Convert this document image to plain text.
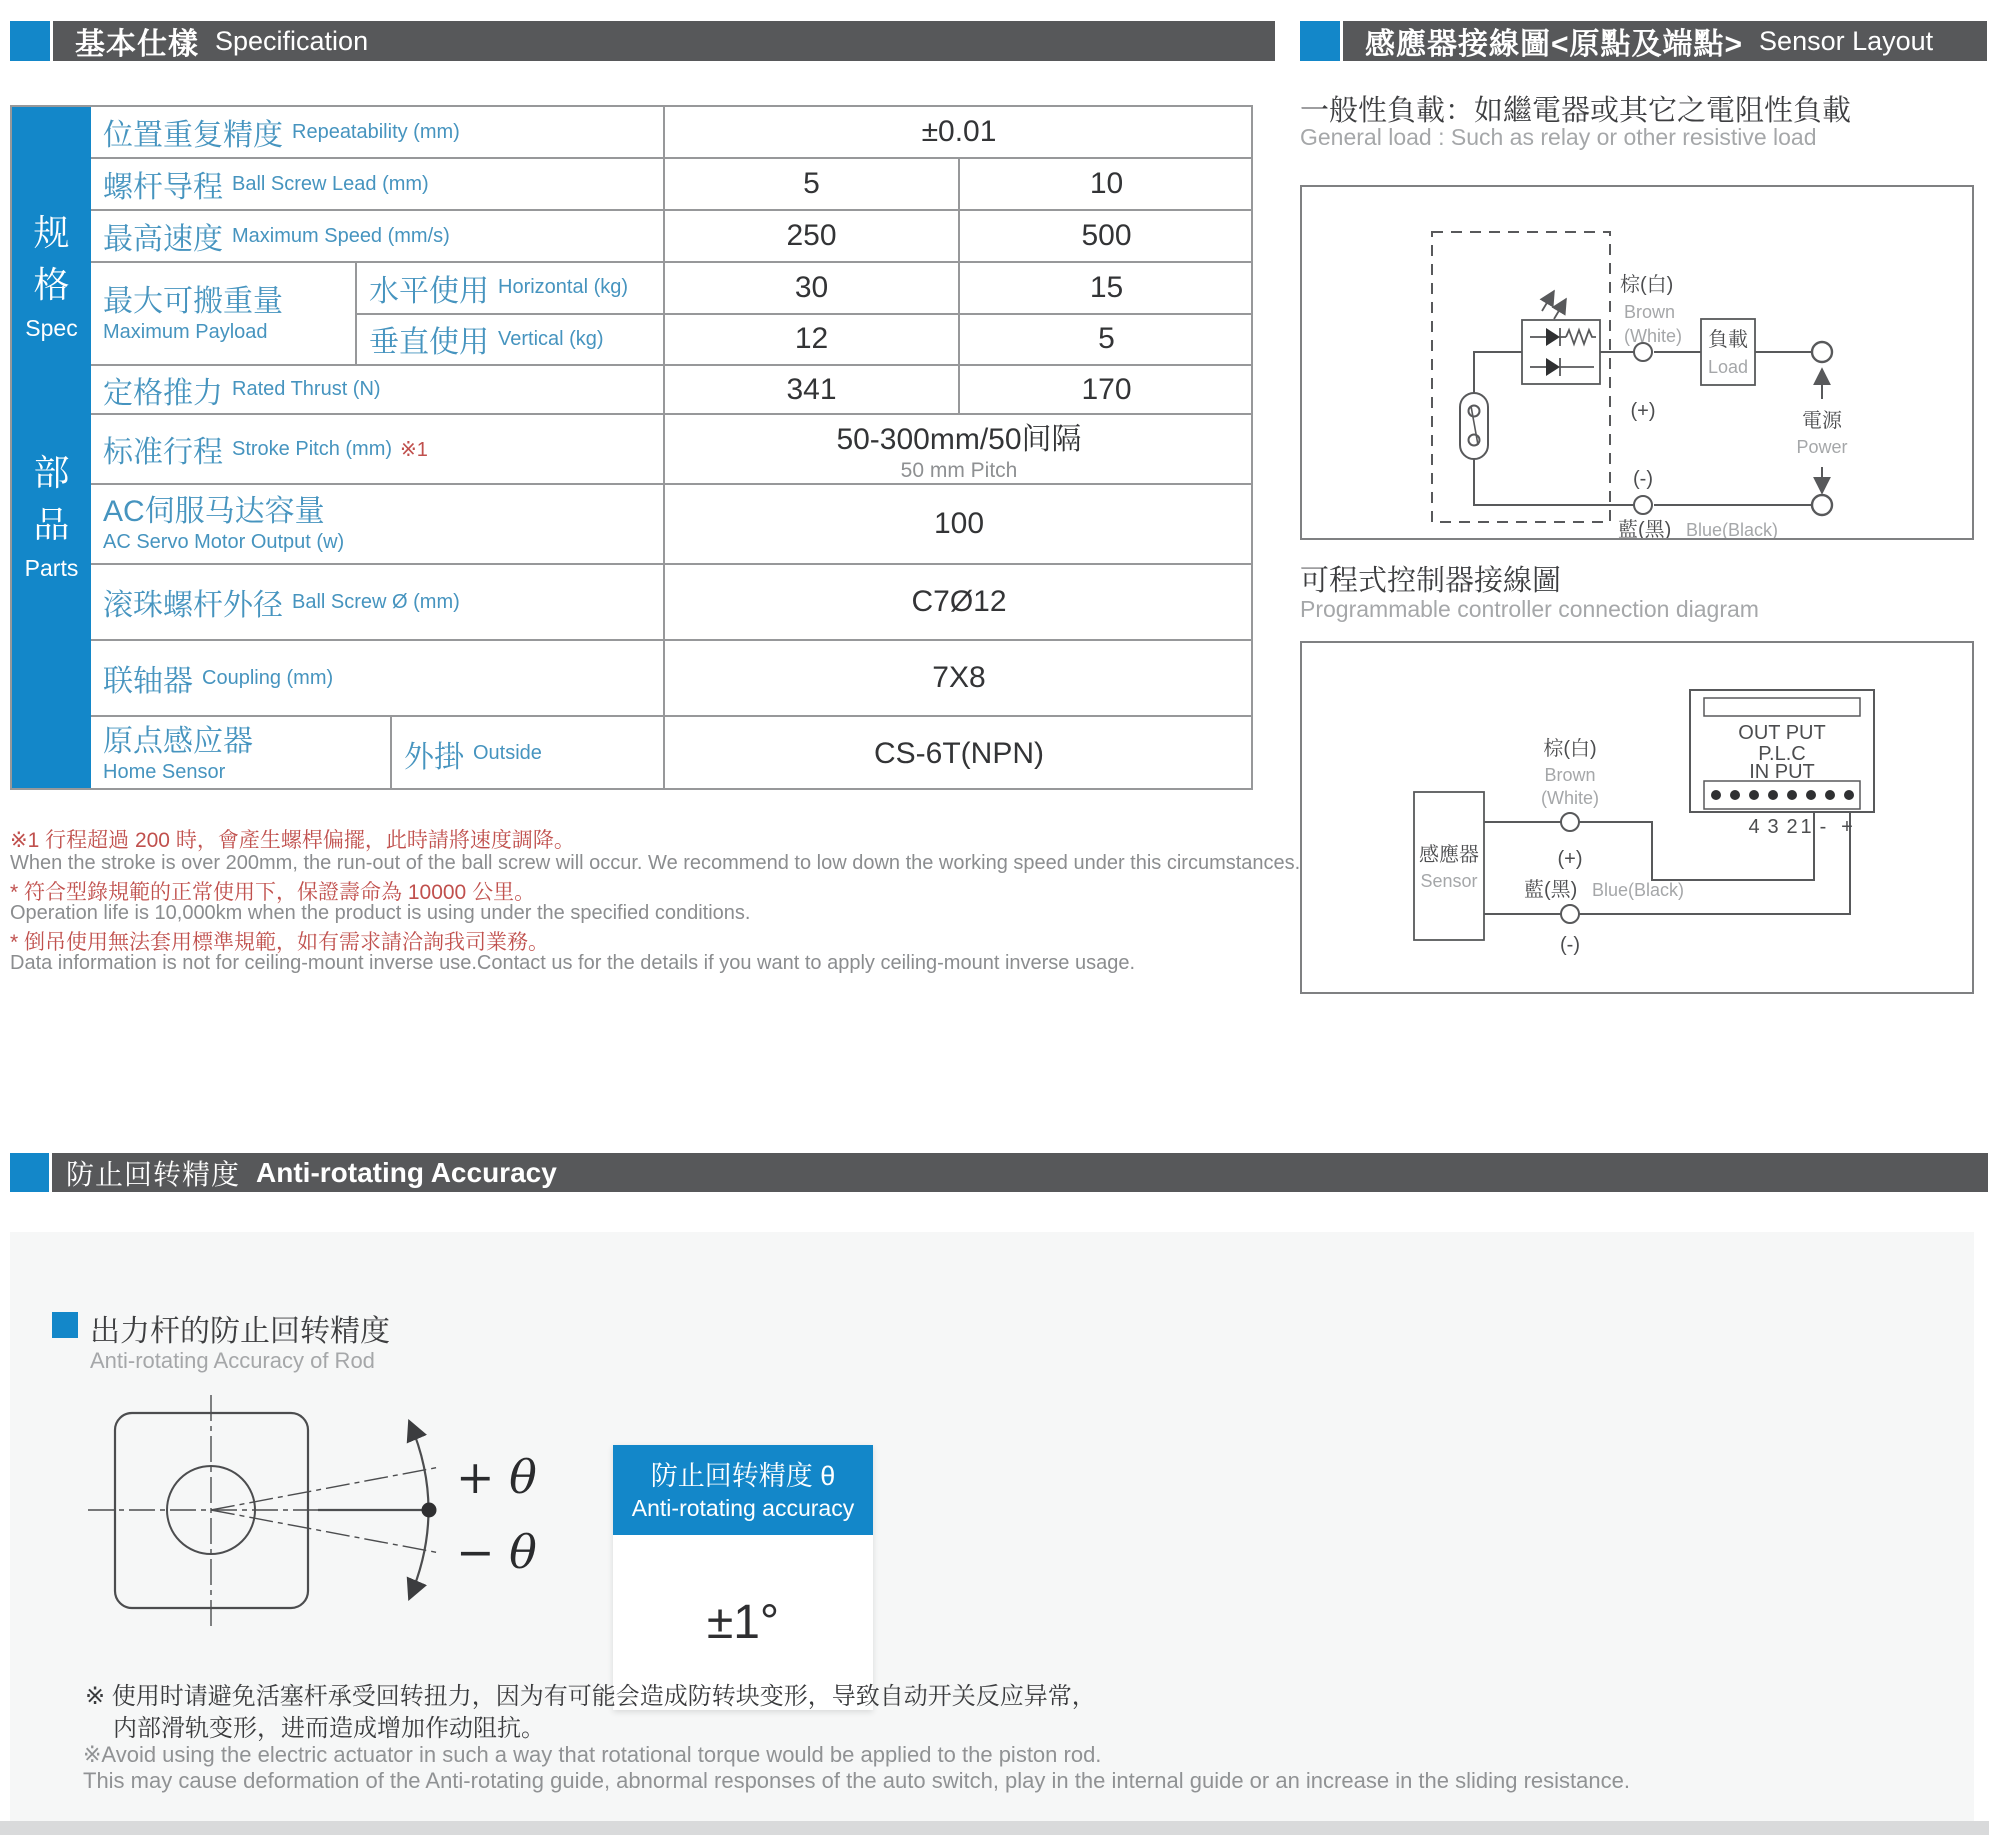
基本仕樣 Specification
规
格
Spec
部
品
Parts
位置重复精度 Repeatability (mm)	±0.01
螺杆导程 Ball Screw Lead (mm)	5	10
最高速度 Maximum Speed (mm/s)	250	500
最大可搬重量
Maximum Payload
水平使用 Horizontal (kg)	30	15
垂直使用 Vertical (kg)	12	5
定格推力 Rated Thrust (N)	341	170
标准行程 Stroke Pitch (mm) ※1	50-300mm/50间隔
50 mm Pitch
AC伺服马达容量
AC Servo Motor Output (w)
100
滚珠螺杆外径 Ball Screw Ø (mm)	C7Ø12
联轴器 Coupling (mm)	7X8
原点感应器
Home Sensor	外掛 Outside	CS-6T(NPN)
※1 行程超過 200 時，會產生螺桿偏擺，此時請將速度調降。
When the stroke is over 200mm, the run-out of the ball screw will occur. We recommend to low down the working speed under this circumstances.
* 符合型錄規範的正常使用下，保證壽命為 10000 公里。
Operation life is 10,000km when the product is using under the specified conditions.
* 倒吊使用無法套用標準規範，如有需求請洽詢我司業務。
Data information is not for ceiling-mount inverse use.Contact us for the details if you want to apply ceiling-mount inverse usage.
感應器接線圖<原點及端點> Sensor Layout
一般性負載：如繼電器或其它之電阻性負載
General load : Such as relay or other resistive load
棕(白)
Brown
(White)
(+)
負載
Load
電源
Power
(-)
藍(黑) Blue(Black)
可程式控制器接線圖
Programmable controller connection diagram
感應器
Sensor
OUT PUT
P.L.C
IN PUT
4 3 2 1 - +
棕(白)
Brown
(White)
(+)
藍(黑) Blue(Black)
(-)
防止回转精度 Anti-rotating Accuracy
出力杆的防止回转精度
Anti-rotating Accuracy of Rod
+ θ
− θ
防止回转精度 θ
Anti-rotating accuracy
±1°
※ 使用时请避免活塞杆承受回转扭力，因为有可能会造成防转块变形，导致自动开关反应异常，
内部滑轨变形，进而造成增加作动阻抗。
※Avoid using the electric actuator in such a way that rotational torque would be applied to the piston rod.
This may cause deformation of the Anti-rotating guide, abnormal responses of the auto switch, play in the internal guide or an increase in the sliding resistance.
